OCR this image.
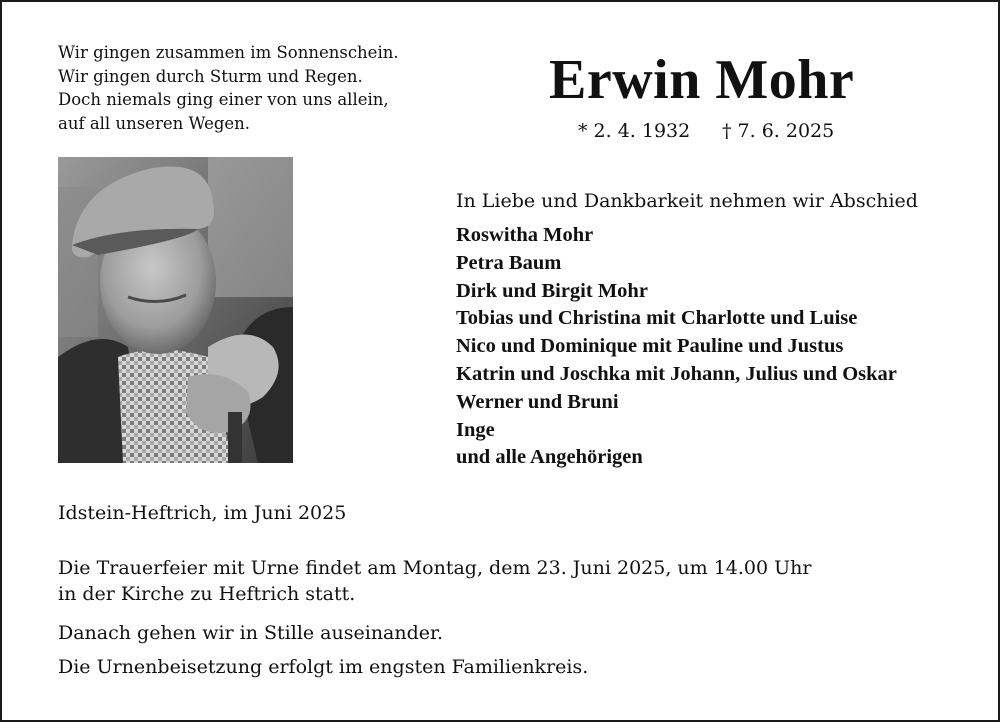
Wir gingen zusammen im Sonnenschein.
Wir gingen durch Sturm und Regen.
Doch niemals ging einer von uns allein,
auf all unseren Wegen.
Erwin Mohr
* 2. 4. 1932 † 7. 6. 2025
In Liebe und Dankbarkeit nehmen wir Abschied
Roswitha Mohr
Petra Baum
Dirk und Birgit Mohr
Tobias und Christina mit Charlotte und Luise
Nico und Dominique mit Pauline und Justus
Katrin und Joschka mit Johann, Julius und Oskar
Werner und Bruni
Inge
und alle Angehörigen
Idstein-Heftrich, im Juni 2025
Die Trauerfeier mit Urne findet am Montag, dem 23. Juni 2025, um 14.00 Uhr
in der Kirche zu Heftrich statt.
Danach gehen wir in Stille auseinander.
Die Urnenbeisetzung erfolgt im engsten Familienkreis.
